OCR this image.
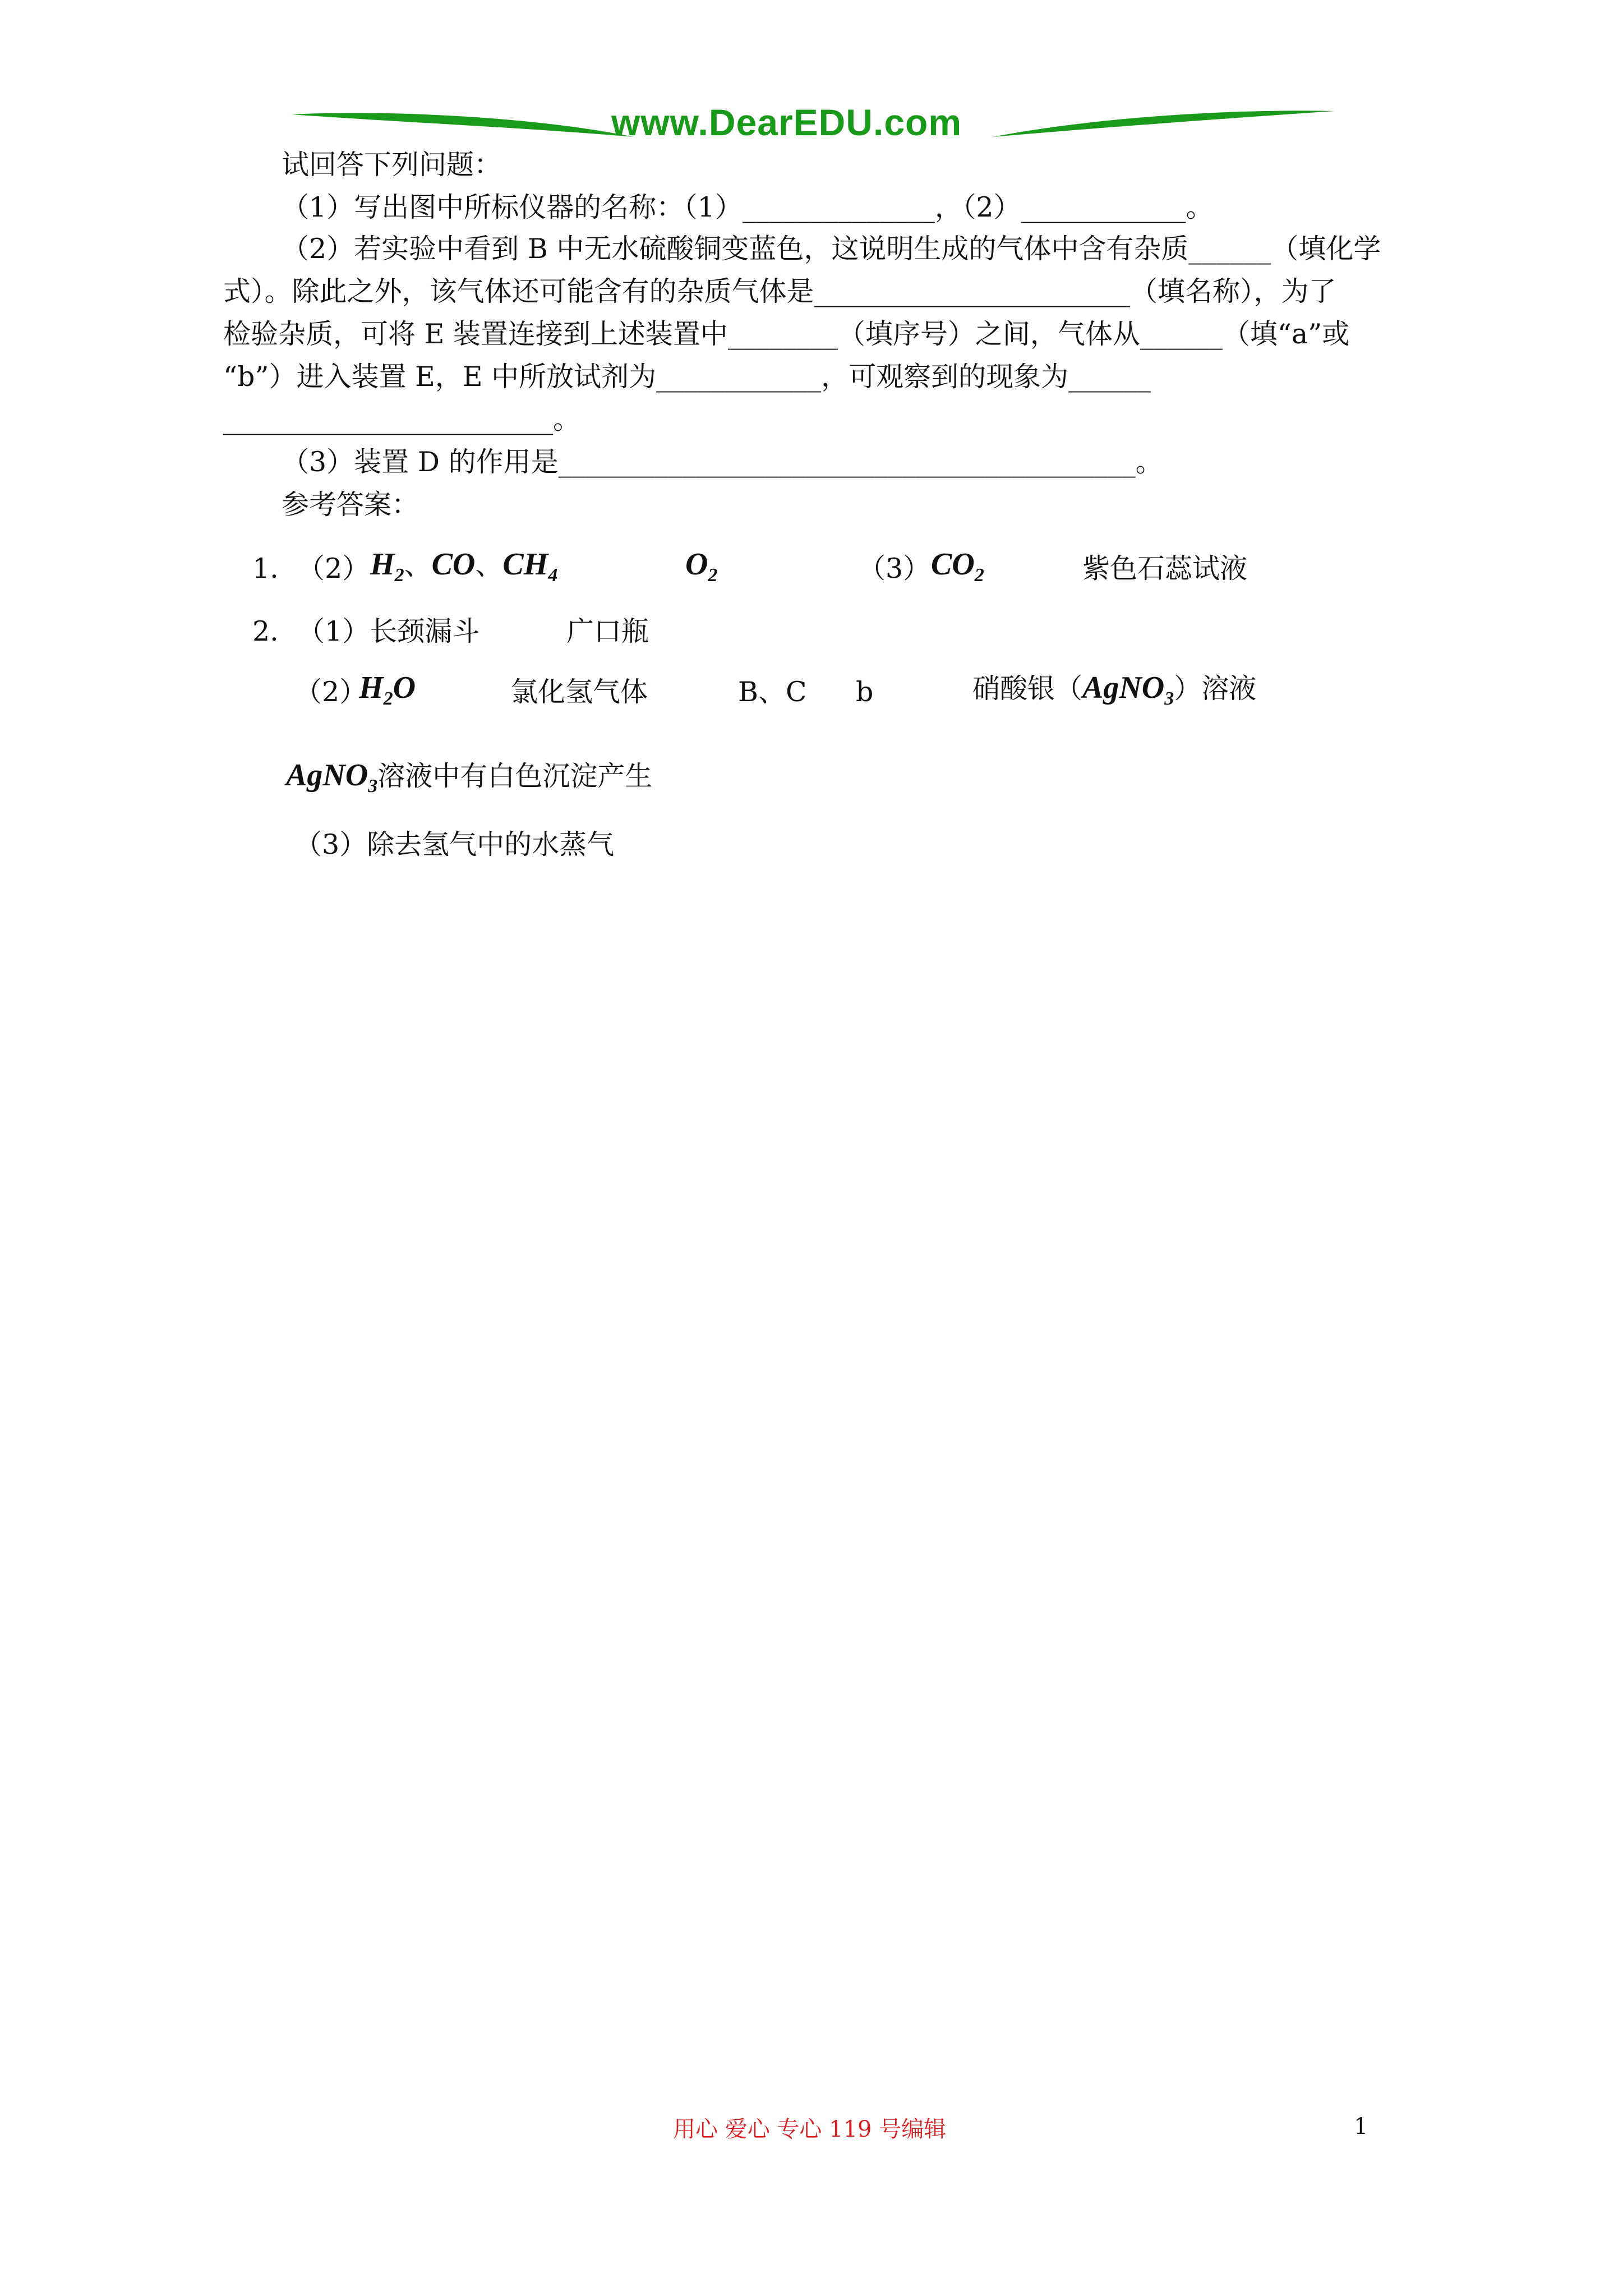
www.DearEDU.com
试回答下列问题：
（1）写出图中所标仪器的名称：（1）______________，（2）____________。
（2）若实验中看到 B 中无水硫酸铜变蓝色，这说明生成的气体中含有杂质______（填化学
式）。除此之外，该气体还可能含有的杂质气体是_______________________（填名称），为了
检验杂质，可将 E 装置连接到上述装置中________（填序号）之间，气体从______（填“a”或
“b”）进入装置 E，E 中所放试剂为____________，可观察到的现象为______
________________________。
（3）装置 D 的作用是__________________________________________。
参考答案：
1. （2） $H_2$、CO、$CH_4$	$O_2$	（3） $CO_2$	紫色石蕊试液
2. （1）长颈漏斗	广口瓶
（2）
$H_2O$	氯化氢气体	B、C b	硝酸银（AgNO$_3$）溶液
AgNO$_3$溶液中有白色沉淀产生
（3）除去氢气中的水蒸气
用心 爱心 专心 119 号编辑	1
